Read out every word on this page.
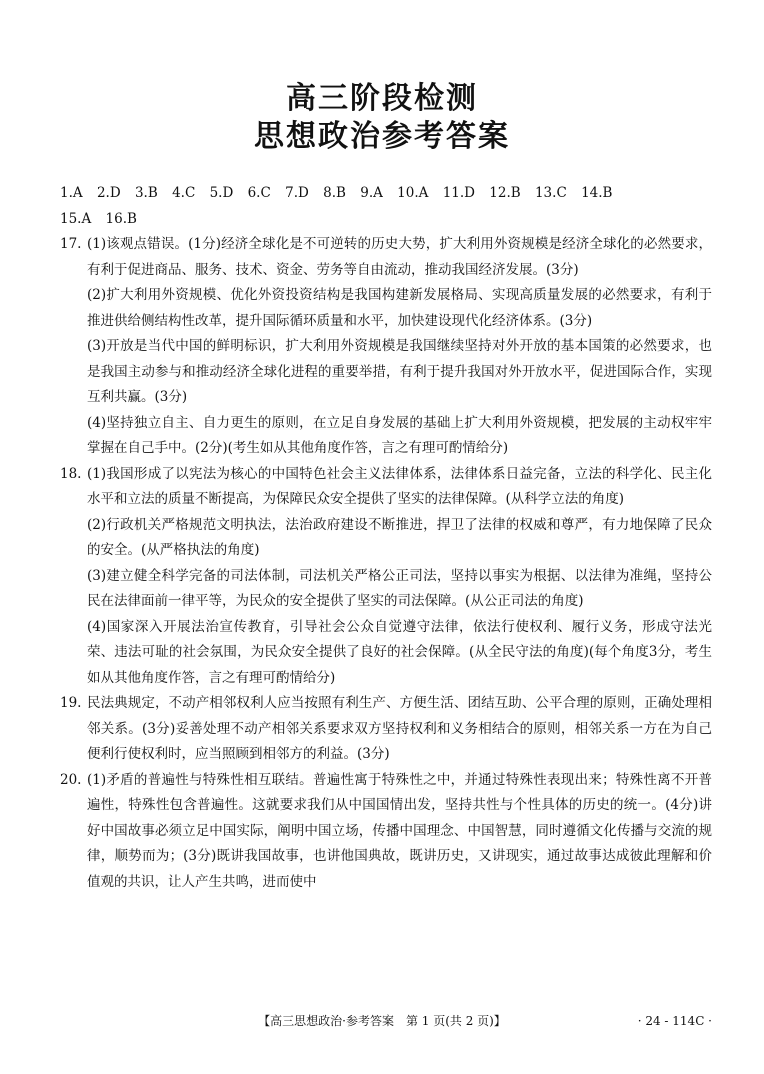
高三阶段检测
思想政治参考答案
1.A 2.D 3.B 4.C 5.D 6.C 7.D 8.B 9.A 10.A 11.D 12.B 13.C 14.B
15.A 16.B
17. (1)该观点错误。(1分)经济全球化是不可逆转的历史大势，扩大利用外资规模是经济全球化的必然要求，有利于促进商品、服务、技术、资金、劳务等自由流动，推动我国经济发展。(3分)
(2)扩大利用外资规模、优化外资投资结构是我国构建新发展格局、实现高质量发展的必然要求，有利于推进供给侧结构性改革，提升国际循环质量和水平，加快建设现代化经济体系。(3分)
(3)开放是当代中国的鲜明标识，扩大利用外资规模是我国继续坚持对外开放的基本国策的必然要求，也是我国主动参与和推动经济全球化进程的重要举措，有利于提升我国对外开放水平，促进国际合作，实现互利共赢。(3分)
(4)坚持独立自主、自力更生的原则，在立足自身发展的基础上扩大利用外资规模，把发展的主动权牢牢掌握在自己手中。(2分)(考生如从其他角度作答，言之有理可酌情给分)
18. (1)我国形成了以宪法为核心的中国特色社会主义法律体系，法律体系日益完备，立法的科学化、民主化水平和立法的质量不断提高，为保障民众安全提供了坚实的法律保障。(从科学立法的角度)
(2)行政机关严格规范文明执法，法治政府建设不断推进，捍卫了法律的权威和尊严，有力地保障了民众的安全。(从严格执法的角度)
(3)建立健全科学完备的司法体制，司法机关严格公正司法，坚持以事实为根据、以法律为准绳，坚持公民在法律面前一律平等，为民众的安全提供了坚实的司法保障。(从公正司法的角度)
(4)国家深入开展法治宣传教育，引导社会公众自觉遵守法律，依法行使权利、履行义务，形成守法光荣、违法可耻的社会氛围，为民众安全提供了良好的社会保障。(从全民守法的角度)(每个角度3分，考生如从其他角度作答，言之有理可酌情给分)
19. 民法典规定，不动产相邻权利人应当按照有利生产、方便生活、团结互助、公平合理的原则，正确处理相邻关系。(3分)妥善处理不动产相邻关系要求双方坚持权利和义务相结合的原则，相邻关系一方在为自己便利行使权利时，应当照顾到相邻方的利益。(3分)
20. (1)矛盾的普遍性与特殊性相互联结。普遍性寓于特殊性之中，并通过特殊性表现出来；特殊性离不开普遍性，特殊性包含普遍性。这就要求我们从中国国情出发，坚持共性与个性具体的历史的统一。(4分)讲好中国故事必须立足中国实际，阐明中国立场，传播中国理念、中国智慧，同时遵循文化传播与交流的规律，顺势而为；(3分)既讲我国故事，也讲他国典故，既讲历史，又讲现实，通过故事达成彼此理解和价值观的共识，让人产生共鸣，进而使中
【高三思想政治·参考答案　第 1 页(共 2 页)】	· 24 - 114C ·
